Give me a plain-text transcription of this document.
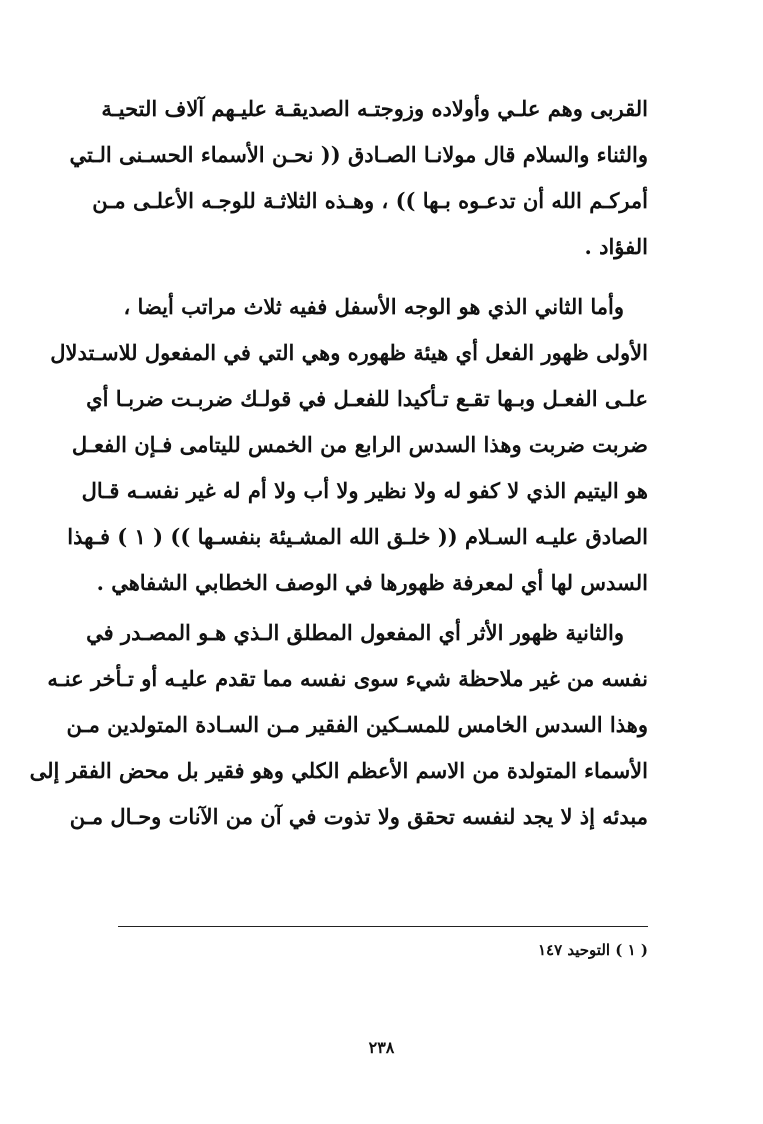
القربى وهم علـي وأولاده وزوجتـه الصديقـة عليـهم آلاف التحيـة
والثناء والسلام قال مولانـا الصـادق (( نحـن الأسماء الحسـنى الـتي
أمركـم الله أن تدعـوه بـها )) ، وهـذه الثلاثـة للوجـه الأعلـى مـن
الفؤاد .
وأما الثاني الذي هو الوجه الأسفل ففيه ثلاث مراتب أيضا ،
الأولى ظهور الفعل أي هيئة ظهوره وهي التي في المفعول للاسـتدلال
علـى الفعـل وبـها تقـع تـأكيدا للفعـل في قولـك ضربـت ضربـا أي
ضربت ضربت وهذا السدس الرابع من الخمس لليتامى فـإن الفعـل
هو اليتيم الذي لا كفو له ولا نظير ولا أب ولا أم له غير نفسـه قـال
الصادق عليـه السـلام (( خلـق الله المشـيئة بنفسـها )) ( ١ ) فـهذا
السدس لها أي لمعرفة ظهورها في الوصف الخطابي الشفاهي .
والثانية ظهور الأثر أي المفعول المطلق الـذي هـو المصـدر في
نفسه من غير ملاحظة شيء سوى نفسه مما تقدم عليـه أو تـأخر عنـه
وهذا السدس الخامس للمسـكين الفقير مـن السـادة المتولدين مـن
الأسماء المتولدة من الاسم الأعظم الكلي وهو فقير بل محض الفقر إلى
مبدئه إذ لا يجد لنفسه تحقق ولا تذوت في آن من الآنات وحـال مـن
( ١ ) التوحيد ١٤٧
٢٣٨
